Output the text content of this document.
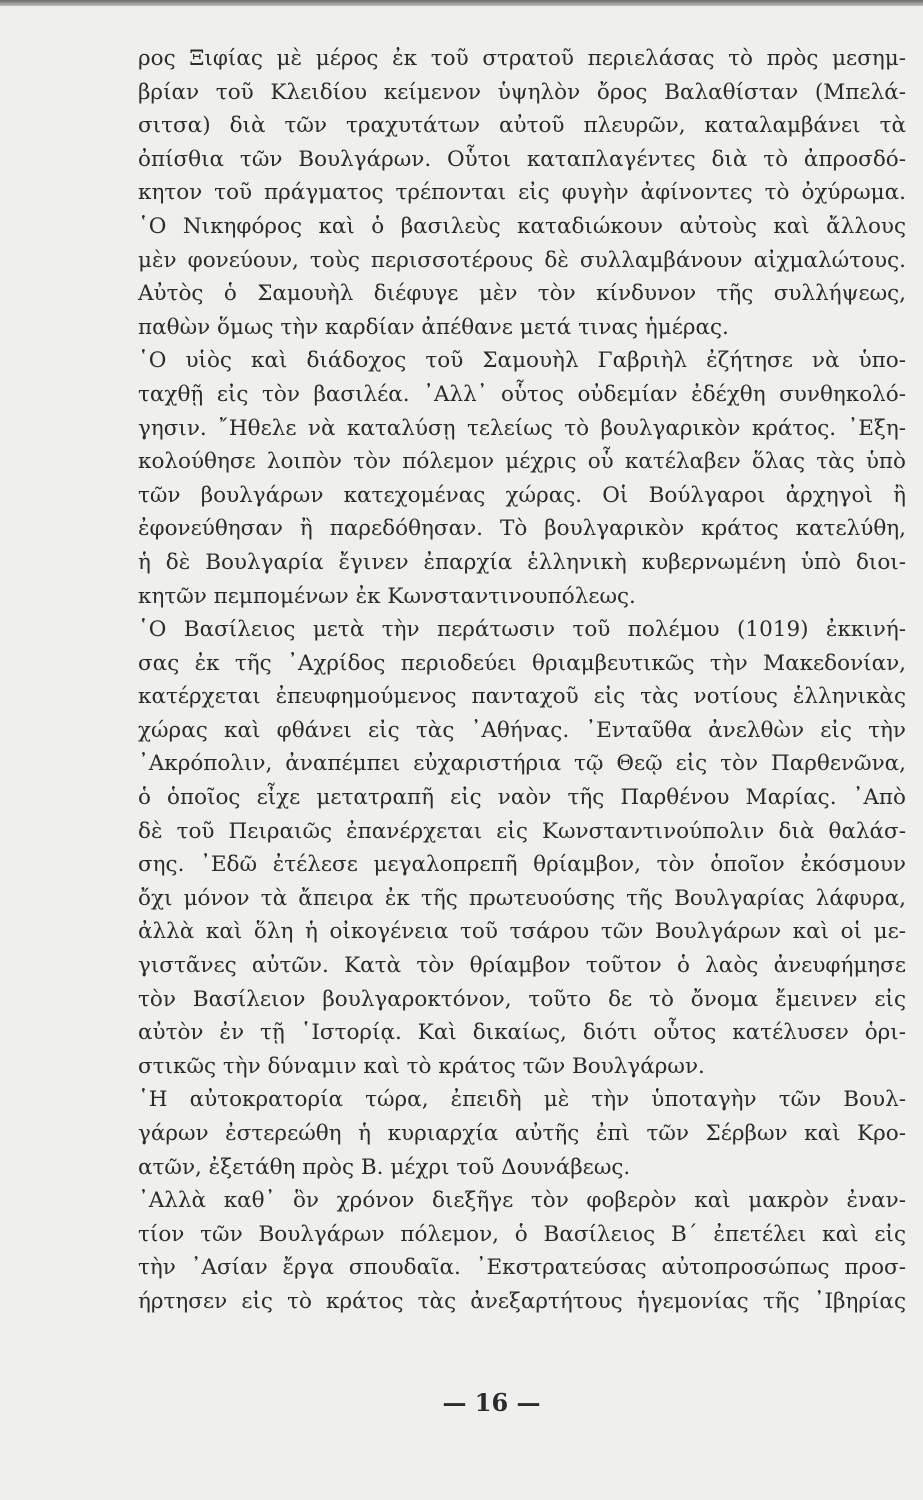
ρος Ξιφίας μὲ μέρος ἐκ τοῦ στρατοῦ περιελάσας τὸ πρὸς μεσημ-
βρίαν τοῦ Κλειδίου κείμενον ὑψηλὸν ὄρος Βαλαθίσταν (Μπελά-
σιτσα) διὰ τῶν τραχυτάτων αὐτοῦ πλευρῶν, καταλαμβάνει τὰ
ὀπίσθια τῶν Βουλγάρων. Οὗτοι καταπλαγέντες διὰ τὸ ἀπροσδό-
κητον τοῦ πράγματος τρέπονται εἰς φυγὴν ἀφίνοντες τὸ ὀχύρωμα.
῾Ο Νικηφόρος καὶ ὁ βασιλεὺς καταδιώκουν αὐτοὺς καὶ ἄλλους
μὲν φονεύουν, τοὺς περισσοτέρους δὲ συλλαμβάνουν αἰχμαλώτους.
Αὐτὸς ὁ Σαμουὴλ διέφυγε μὲν τὸν κίνδυνον τῆς συλλήψεως,
παθὼν ὅμως τὴν καρδίαν ἀπέθανε μετά τινας ἡμέρας.
῾Ο υἱὸς καὶ διάδοχος τοῦ Σαμουὴλ Γαβριὴλ ἐζήτησε νὰ ὑπο-
ταχθῇ εἰς τὸν βασιλέα. ᾿Αλλ᾿ οὗτος οὐδεμίαν ἐδέχθη συνθηκολό-
γησιν. ῎Ηθελε νὰ καταλύσῃ τελείως τὸ βουλγαρικὸν κράτος. ᾿Εξη-
κολούθησε λοιπὸν τὸν πόλεμον μέχρις οὗ κατέλαβεν ὅλας τὰς ὑπὸ
τῶν βουλγάρων κατεχομένας χώρας. Οἱ Βούλγαροι ἀρχηγοὶ ἢ
ἐφονεύθησαν ἢ παρεδόθησαν. Τὸ βουλγαρικὸν κράτος κατελύθη,
ἡ δὲ Βουλγαρία ἔγινεν ἐπαρχία ἑλληνικὴ κυβερνωμένη ὑπὸ διοι-
κητῶν πεμπομένων ἐκ Κωνσταντινουπόλεως.
῾Ο Βασίλειος μετὰ τὴν περάτωσιν τοῦ πολέμου (1019) ἐκκινή-
σας ἐκ τῆς ᾿Αχρίδος περιοδεύει θριαμβευτικῶς τὴν Μακεδονίαν,
κατέρχεται ἐπευφημούμενος πανταχοῦ εἰς τὰς νοτίους ἑλληνικὰς
χώρας καὶ φθάνει εἰς τὰς ᾿Αθήνας. ᾿Ενταῦθα ἀνελθὼν εἰς τὴν
᾿Ακρόπολιν, ἀναπέμπει εὐχαριστήρια τῷ Θεῷ εἰς τὸν Παρθενῶνα,
ὁ ὁποῖος εἶχε μετατραπῆ εἰς ναὸν τῆς Παρθένου Μαρίας. ᾿Απὸ
δὲ τοῦ Πειραιῶς ἐπανέρχεται εἰς Κωνσταντινούπολιν διὰ θαλάσ-
σης. ᾿Εδῶ ἐτέλεσε μεγαλοπρεπῆ θρίαμβον, τὸν ὁποῖον ἐκόσμουν
ὄχι μόνον τὰ ἄπειρα ἐκ τῆς πρωτευούσης τῆς Βουλγαρίας λάφυρα,
ἀλλὰ καὶ ὅλη ἡ οἰκογένεια τοῦ τσάρου τῶν Βουλγάρων καὶ οἱ με-
γιστᾶνες αὐτῶν. Κατὰ τὸν θρίαμβον τοῦτον ὁ λαὸς ἀνευφήμησε
τὸν Βασίλειον βουλγαροκτόνον, τοῦτο δε τὸ ὄνομα ἔμεινεν εἰς
αὐτὸν ἐν τῇ ῾Ιστορίᾳ. Καὶ δικαίως, διότι οὗτος κατέλυσεν ὁρι-
στικῶς τὴν δύναμιν καὶ τὸ κράτος τῶν Βουλγάρων.
῾Η αὐτοκρατορία τώρα, ἐπειδὴ μὲ τὴν ὑποταγὴν τῶν Βουλ-
γάρων ἐστερεώθη ἡ κυριαρχία αὐτῆς ἐπὶ τῶν Σέρβων καὶ Κρο-
ατῶν, ἐξετάθη πρὸς Β. μέχρι τοῦ Δουνάβεως.
᾿Αλλὰ καθ᾿ ὃν χρόνον διεξῆγε τὸν φοβερὸν καὶ μακρὸν ἐναν-
τίον τῶν Βουλγάρων πόλεμον, ὁ Βασίλειος Β΄ ἐπετέλει καὶ εἰς
τὴν ᾿Ασίαν ἔργα σπουδαῖα. ᾿Εκστρατεύσας αὐτοπροσώπως προσ-
ήρτησεν εἰς τὸ κράτος τὰς ἀνεξαρτήτους ἡγεμονίας τῆς ᾿Ιβηρίας
— 16 —
